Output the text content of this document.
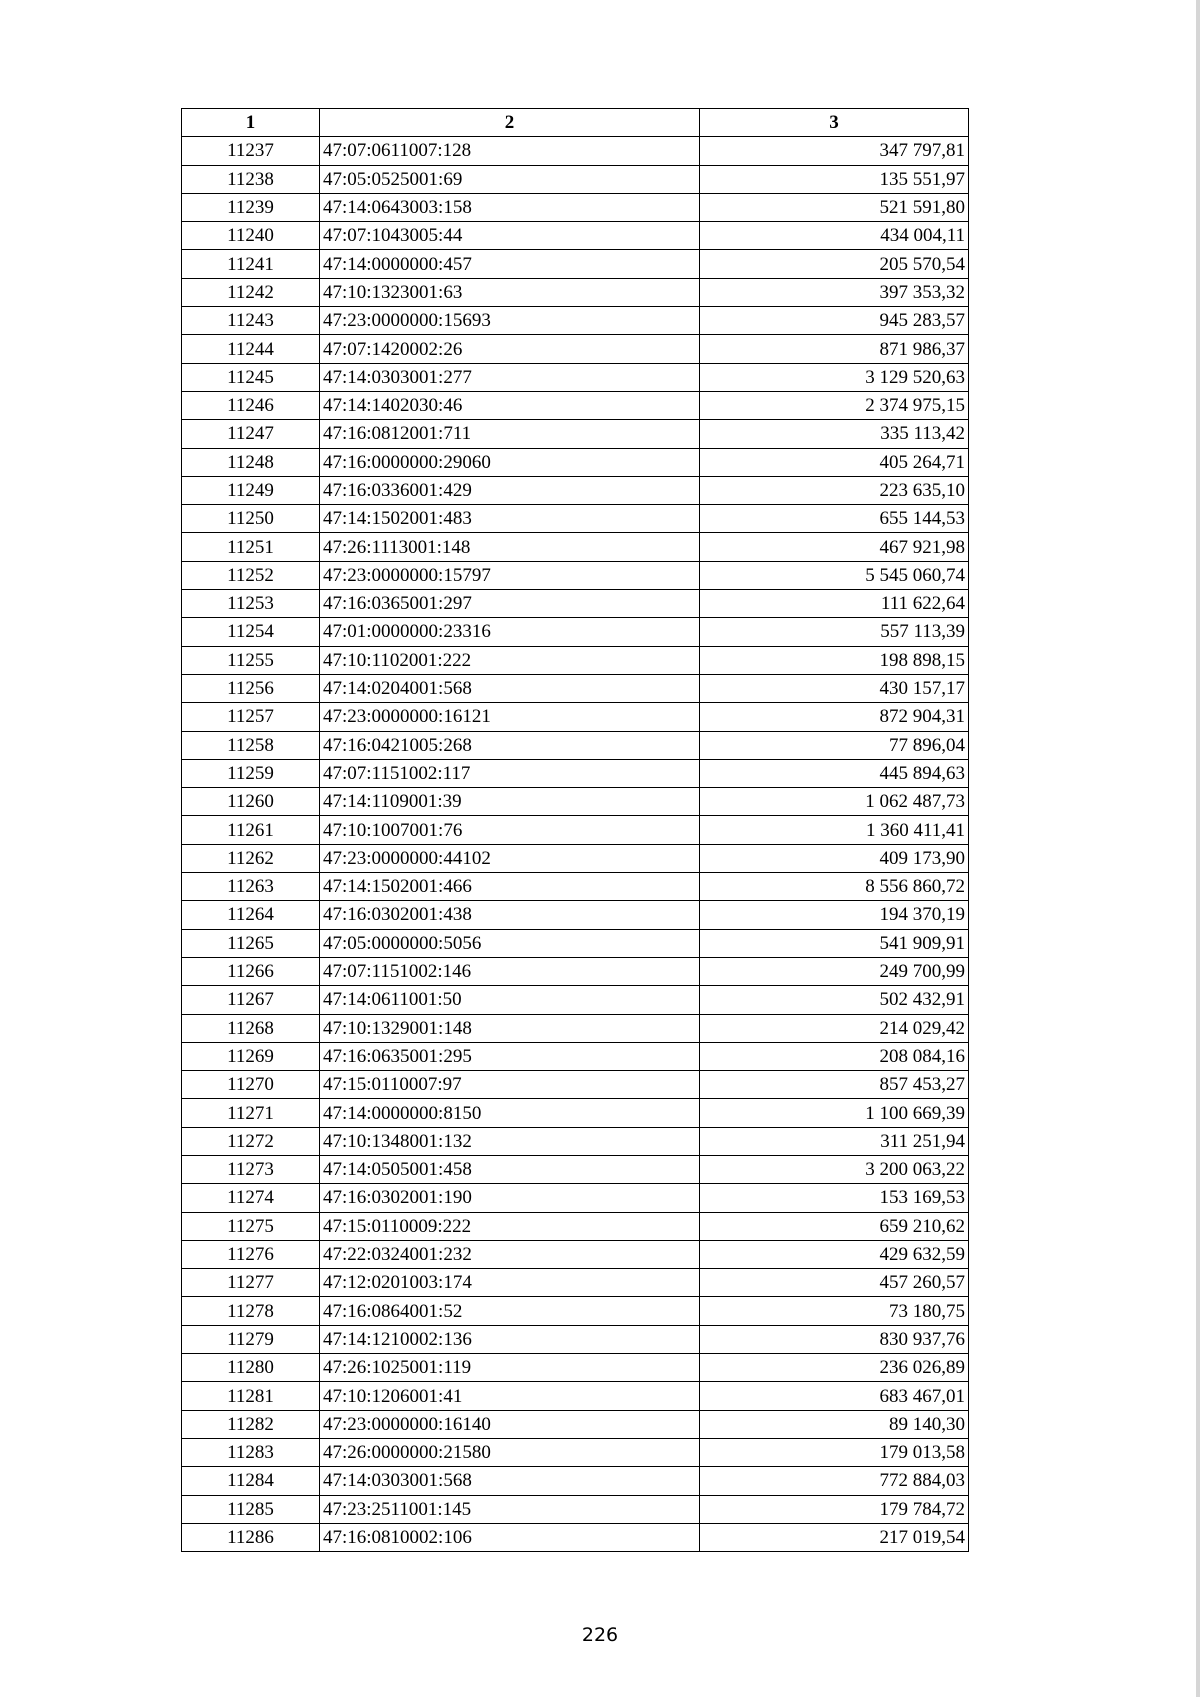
1	2	3
11237	47:07:0611007:128	347 797,81
11238	47:05:0525001:69	135 551,97
11239	47:14:0643003:158	521 591,80
11240	47:07:1043005:44	434 004,11
11241	47:14:0000000:457	205 570,54
11242	47:10:1323001:63	397 353,32
11243	47:23:0000000:15693	945 283,57
11244	47:07:1420002:26	871 986,37
11245	47:14:0303001:277	3 129 520,63
11246	47:14:1402030:46	2 374 975,15
11247	47:16:0812001:711	335 113,42
11248	47:16:0000000:29060	405 264,71
11249	47:16:0336001:429	223 635,10
11250	47:14:1502001:483	655 144,53
11251	47:26:1113001:148	467 921,98
11252	47:23:0000000:15797	5 545 060,74
11253	47:16:0365001:297	111 622,64
11254	47:01:0000000:23316	557 113,39
11255	47:10:1102001:222	198 898,15
11256	47:14:0204001:568	430 157,17
11257	47:23:0000000:16121	872 904,31
11258	47:16:0421005:268	77 896,04
11259	47:07:1151002:117	445 894,63
11260	47:14:1109001:39	1 062 487,73
11261	47:10:1007001:76	1 360 411,41
11262	47:23:0000000:44102	409 173,90
11263	47:14:1502001:466	8 556 860,72
11264	47:16:0302001:438	194 370,19
11265	47:05:0000000:5056	541 909,91
11266	47:07:1151002:146	249 700,99
11267	47:14:0611001:50	502 432,91
11268	47:10:1329001:148	214 029,42
11269	47:16:0635001:295	208 084,16
11270	47:15:0110007:97	857 453,27
11271	47:14:0000000:8150	1 100 669,39
11272	47:10:1348001:132	311 251,94
11273	47:14:0505001:458	3 200 063,22
11274	47:16:0302001:190	153 169,53
11275	47:15:0110009:222	659 210,62
11276	47:22:0324001:232	429 632,59
11277	47:12:0201003:174	457 260,57
11278	47:16:0864001:52	73 180,75
11279	47:14:1210002:136	830 937,76
11280	47:26:1025001:119	236 026,89
11281	47:10:1206001:41	683 467,01
11282	47:23:0000000:16140	89 140,30
11283	47:26:0000000:21580	179 013,58
11284	47:14:0303001:568	772 884,03
11285	47:23:2511001:145	179 784,72
11286	47:16:0810002:106	217 019,54
226
